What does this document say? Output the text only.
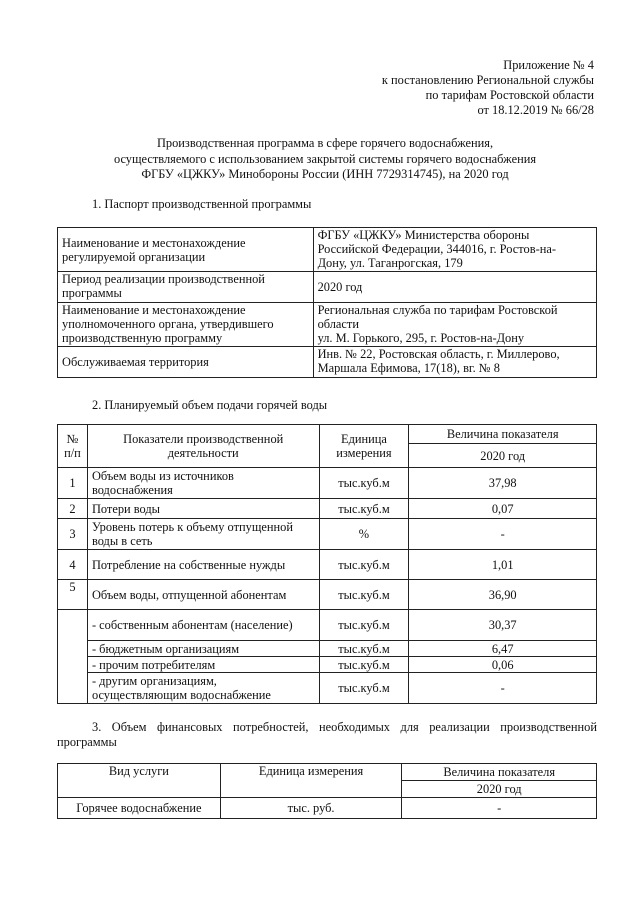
Приложение № 4
к постановлению Региональной службы
по тарифам Ростовской области
от 18.12.2019 № 66/28
Производственная программа в сфере горячего водоснабжения,
осуществляемого с использованием закрытой системы горячего водоснабжения
ФГБУ «ЦЖКУ» Минобороны России (ИНН 7729314745), на 2020 год
1. Паспорт производственной программы
Наименование и местонахождение регулируемой организации	ФГБУ «ЦЖКУ» Министерства обороны
Российской Федерации, 344016, г. Ростов-на-
Дону, ул. Таганрогская, 179

Период реализации производственной программы	2020 год

Наименование и местонахождение уполномоченного органа, утвердившего производственную программу	Региональная служба по тарифам Ростовской
области
ул. М. Горького, 295, г. Ростов-на-Дону

Обслуживаемая территория	Инв. № 22, Ростовская область, г. Миллерово,
Маршала Ефимова, 17(18), вг. № 8
2. Планируемый объем подачи горячей воды
№ п/п	Показатели производственной деятельности	Единица измерения	Величина показателя
			2020 год
1	Объем воды из источников водоснабжения	тыс.куб.м	37,98
2	Потери воды	тыс.куб.м	0,07
3	Уровень потерь к объему отпущенной воды в сеть	%	-
4	Потребление на собственные нужды	тыс.куб.м	1,01
5	Объем воды, отпущенной абонентам	тыс.куб.м	36,90
	- собственным абонентам (население)	тыс.куб.м	30,37
	- бюджетным организациям	тыс.куб.м	6,47
	- прочим потребителям	тыс.куб.м	0,06
	- другим организациям, осуществляющим водоснабжение	тыс.куб.м	-
3. Объем финансовых потребностей, необходимых для реализации производственной
программы
Вид услуги	Единица измерения	Величина показателя
		2020 год
Горячее водоснабжение	тыс. руб.	-
